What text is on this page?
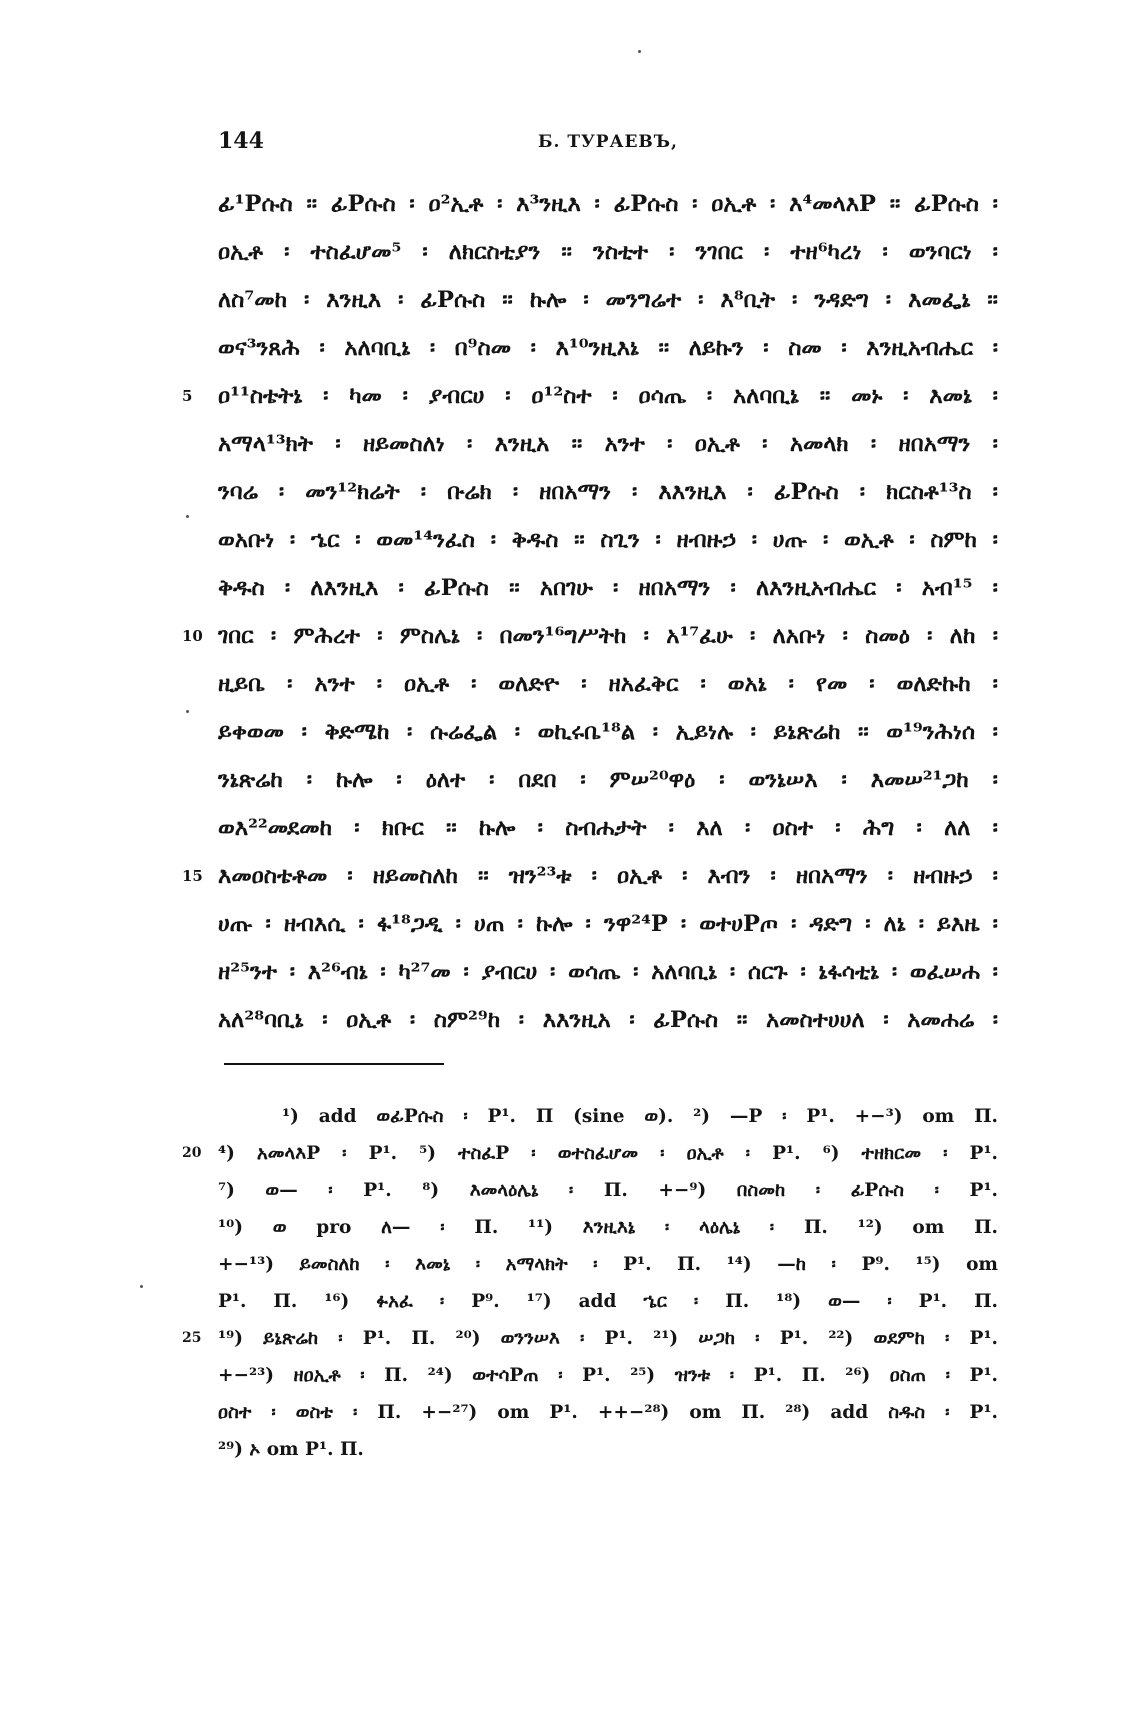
144	Б. ТУРАЕВЪ,
ፊ¹Pሱስ ፡፡ ፊPሱስ ፡ ዐ²ኢቶ ፡ እ³ንዚእ ፡ ፊPሱስ ፡ ዐኢቶ ፡ እ⁴መላእP ፡፡ ፊPሱስ ፡
ዐኢቶ ፡ ተስፈሆመ⁵ ፡ ለክርስቲያን ፡፡ ንስቲተ ፡ ንገበር ፡ ተዘ⁶ካረነ ፡ ወንባርነ ፡
ለስ⁷መከ ፡ እንዚእ ፡ ፊPሱስ ፡፡ ኩሎ ፡ መንግሬተ ፡ እ⁸ቢት ፡ ንዳድግ ፡ እመፌኔ ፡፡
ወና³ንጸሕ ፡ አለባቢኔ ፡ በ⁹ስመ ፡ እ¹⁰ንዚእኔ ፡፡ ለይኩን ፡ ስመ ፡ እንዚአብሔር ፡
5 ዐ¹¹ስቴትኔ ፡ ካመ ፡ ያብርሀ ፡ ዐ¹²ስተ ፡ ዐሳጤ ፡ አለባቢኔ ፡፡ መኑ ፡ እመኔ ፡
አማላ¹³ክት ፡ ዘይመስለነ ፡ እንዚአ ፡፡ አንተ ፡ ዐኢቶ ፡ አመላክ ፡ ዘበአማን ፡
ንባሬ ፡ መን¹²ክሬት ፡ ቡሬክ ፡ ዘበአማን ፡ እእንዚእ ፡ ፊPሱስ ፡ ክርስቶ¹³ስ ፡
ወአቡነ ፡ ኄር ፡ ወመ¹⁴ንፈስ ፡ ቅዱስ ፡፡ ስጊን ፡ ዘብዙኃ ፡ ሀጡ ፡ ወኢቶ ፡ ስምከ ፡
ቅዱስ ፡ ለእንዚእ ፡ ፊPሱስ ፡፡ አበገሁ ፡ ዘበአማን ፡ ለእንዚአብሔር ፡ አብ¹⁵ ፡
10 ገበር ፡ ምሕረተ ፡ ምስሌኔ ፡ በመን¹⁶ግሥትከ ፡ አ¹⁷ፈሁ ፡ ለአቡነ ፡ ስመዕ ፡ ለከ ፡
ዚይቤ ፡ አንተ ፡ ዐኢቶ ፡ ወለድዮ ፡ ዘአፈቅር ፡ ወአኔ ፡ የመ ፡ ወለድኩከ ፡
ይቀወመ ፡ ቅድሜከ ፡ ሱሬፌል ፡ ወኪሩቤ¹⁸ል ፡ ኢይነሉ ፡ ይኔጽሬከ ፡፡ ወ¹⁹ንሕነሰ ፡
ንኔጽሬከ ፡ ኩሎ ፡ ዕለተ ፡ በደበ ፡ ምሠ²⁰ዋዕ ፡ ወንኔሠእ ፡ እመሠ²¹ጋከ ፡
ወእ²²መደመከ ፡ ክቡር ፡፡ ኩሎ ፡ ስብሐታት ፡ እለ ፡ ዐስተ ፡ ሕግ ፡ ለለ ፡
15 እመዐስቴቶመ ፡ ዘይመስለከ ፡፡ ዝን²³ቱ ፡ ዐኢቶ ፡ እብን ፡ ዘበአማን ፡ ዘብዙኃ ፡
ሀጡ ፡ ዘብእሲ ፡ ፋ¹⁸ጋዲ ፡ ሀጠ ፡ ኩሎ ፡ ንዋ²⁴P ፡ ወተሀPጦ ፡ ዳድግ ፡ ለኔ ፡ ይእዜ ፡
ዘ²⁵ንተ ፡ እ²⁶ብኔ ፡ ካ²⁷መ ፡ ያብርሀ ፡ ወሳጤ ፡ አለባቢኔ ፡ ሰርጉ ፡ ኔፋሳቲኔ ፡ ወፈሠሐ ፡
አለ²⁸ባቢኔ ፡ ዐኢቶ ፡ ስም²⁹ከ ፡ እእንዚአ ፡ ፊPሱስ ፡፡ አመስተሀሀለ ፡ አመሐሬ ፡
¹) add ወፊPሱስ ፡ P¹. П (sine ወ). ²) —P ፡ P¹. +−³) om П.
20 ⁴) አመላእP ፡ P¹. ⁵) ተስፈP ፡ ወተስፈሆመ ፡ ዐኢቶ ፡ P¹. ⁶) ተዘክርመ ፡ P¹.
⁷) ወ— ፡ P¹. ⁸) እመላዕሌኔ ፡ П. +−⁹) በስመከ ፡ ፊPሱስ ፡ P¹.
¹⁰) ወ pro ለ— ፡ П. ¹¹) እንዚእኔ ፡ ላዕሌኔ ፡ П. ¹²) om П.
+−¹³) ይመስለከ ፡ እመኔ ፡ አማላክት ፡ P¹. П. ¹⁴) —ከ ፡ P⁹. ¹⁵) om
P¹. П. ¹⁶) ፉአፈ ፡ P⁹. ¹⁷) add ኄር ፡ П. ¹⁸) ወ— ፡ P¹. П.
25 ¹⁹) ይኔጽሬከ ፡ P¹. П. ²⁰) ወንንሠእ ፡ P¹. ²¹) ሠጋከ ፡ P¹. ²²) ወደምከ ፡ P¹.
+−²³) ዘዐኢቶ ፡ П. ²⁴) ወተሳPጠ ፡ P¹. ²⁵) ዝንቱ ፡ P¹. П. ²⁶) ዐስጠ ፡ P¹.
ዐስተ ፡ ወስቴ ፡ П. +−²⁷) om P¹. ++−²⁸) om П. ²⁸) add ስዱስ ፡ P¹.
²⁹) ኦ om P¹. П.
